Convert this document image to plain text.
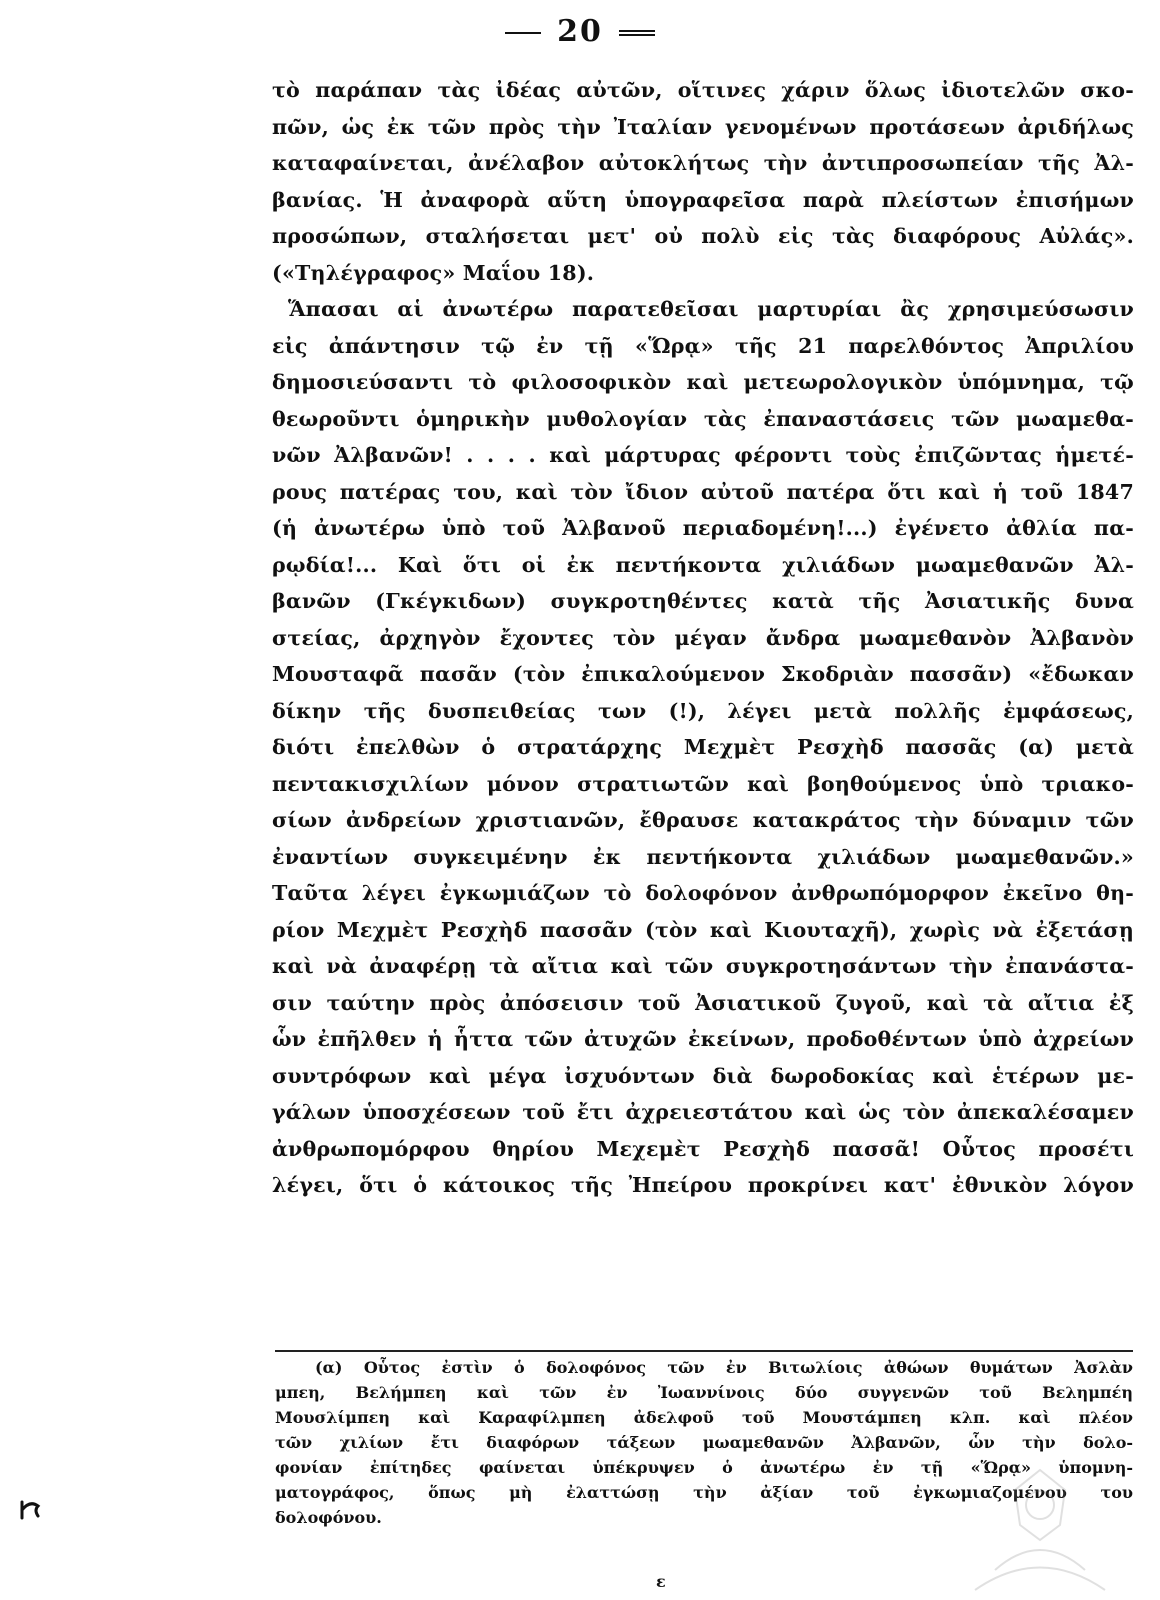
20
τὸ παράπαν τὰς ἰδέας αὐτῶν, οἵτινες χάριν ὅλως ἰδιοτελῶν σκο-
πῶν, ὡς ἐκ τῶν πρὸς τὴν Ἰταλίαν γενομένων προτάσεων ἀριδήλως
καταφαίνεται, ἀνέλαβον αὐτοκλήτως τὴν ἀντιπροσωπείαν τῆς Ἀλ-
βανίας. Ἡ ἀναφορὰ αὕτη ὑπογραφεῖσα παρὰ πλείστων ἐπισήμων
προσώπων, σταλήσεται μετ' οὐ πολὺ εἰς τὰς διαφόρους Αὐλάς».
(«Τηλέγραφος» Μαΐου 18).
Ἅπασαι αἱ ἀνωτέρω παρατεθεῖσαι μαρτυρίαι ἂς χρησιμεύσωσιν
εἰς ἀπάντησιν τῷ ἐν τῇ «Ὥρᾳ» τῆς 21 παρελθόντος Ἀπριλίου
δημοσιεύσαντι τὸ φιλοσοφικὸν καὶ μετεωρολογικὸν ὑπόμνημα, τῷ
θεωροῦντι ὁμηρικὴν μυθολογίαν τὰς ἐπαναστάσεις τῶν μωαμεθα-
νῶν Ἀλβανῶν! . . . . καὶ μάρτυρας φέροντι τοὺς ἐπιζῶντας ἡμετέ-
ρους πατέρας του, καὶ τὸν ἴδιον αὐτοῦ πατέρα ὅτι καὶ ἡ τοῦ 1847
(ἡ ἀνωτέρω ὑπὸ τοῦ Ἀλβανοῦ περιαδομένη!...) ἐγένετο ἀθλία πα-
ρῳδία!... Καὶ ὅτι οἱ ἐκ πεντήκοντα χιλιάδων μωαμεθανῶν Ἀλ-
βανῶν (Γκέγκιδων) συγκροτηθέντες κατὰ τῆς Ἀσιατικῆς δυνα
στείας, ἀρχηγὸν ἔχοντες τὸν μέγαν ἄνδρα μωαμεθανὸν Ἀλβανὸν
Μουσταφᾶ πασᾶν (τὸν ἐπικαλούμενον Σκοδριὰν πασσᾶν) «ἔδωκαν
δίκην τῆς δυσπειθείας των (!), λέγει μετὰ πολλῆς ἐμφάσεως,
διότι ἐπελθὼν ὁ στρατάρχης Μεχμὲτ Ρεσχὴδ πασσᾶς (α) μετὰ
πεντακισχιλίων μόνον στρατιωτῶν καὶ βοηθούμενος ὑπὸ τριακο-
σίων ἀνδρείων χριστιανῶν, ἔθραυσε κατακράτος τὴν δύναμιν τῶν
ἐναντίων συγκειμένην ἐκ πεντήκοντα χιλιάδων μωαμεθανῶν.»
Ταῦτα λέγει ἐγκωμιάζων τὸ δολοφόνον ἀνθρωπόμορφον ἐκεῖνο θη-
ρίον Μεχμὲτ Ρεσχὴδ πασσᾶν (τὸν καὶ Κιουταχῆ), χωρὶς νὰ ἐξετάσῃ
καὶ νὰ ἀναφέρῃ τὰ αἴτια καὶ τῶν συγκροτησάντων τὴν ἐπανάστα-
σιν ταύτην πρὸς ἀπόσεισιν τοῦ Ἀσιατικοῦ ζυγοῦ, καὶ τὰ αἴτια ἐξ
ὧν ἐπῆλθεν ἡ ἧττα τῶν ἀτυχῶν ἐκείνων, προδοθέντων ὑπὸ ἀχρείων
συντρόφων καὶ μέγα ἰσχυόντων διὰ δωροδοκίας καὶ ἑτέρων με-
γάλων ὑποσχέσεων τοῦ ἔτι ἀχρειεστάτου καὶ ὡς τὸν ἀπεκαλέσαμεν
ἀνθρωπομόρφου θηρίου Μεχεμὲτ Ρεσχὴδ πασσᾶ! Οὗτος προσέτι
λέγει, ὅτι ὁ κάτοικος τῆς Ἠπείρου προκρίνει κατ' ἐθνικὸν λόγον
(α) Οὗτος ἐστὶν ὁ δολοφόνος τῶν ἐν Βιτωλίοις ἀθώων θυμάτων Ἀσλὰν
μπεη, Βελήμπεη καὶ τῶν ἐν Ἰωαννίνοις δύο συγγενῶν τοῦ Βελημπέη
Μουσλίμπεη καὶ Καραφίλμπεη ἀδελφοῦ τοῦ Μουστάμπεη κλπ. καὶ πλέον
τῶν χιλίων ἔτι διαφόρων τάξεων μωαμεθανῶν Ἀλβανῶν, ὧν τὴν δολο-
φονίαν ἐπίτηδες φαίνεται ὑπέκρυψεν ὁ ἀνωτέρω ἐν τῇ «Ὥρᾳ» ὑπομνη-
ματογράφος, ὅπως μὴ ἐλαττώσῃ τὴν ἀξίαν τοῦ ἐγκωμιαζομένου του
δολοφόνου.
ε
